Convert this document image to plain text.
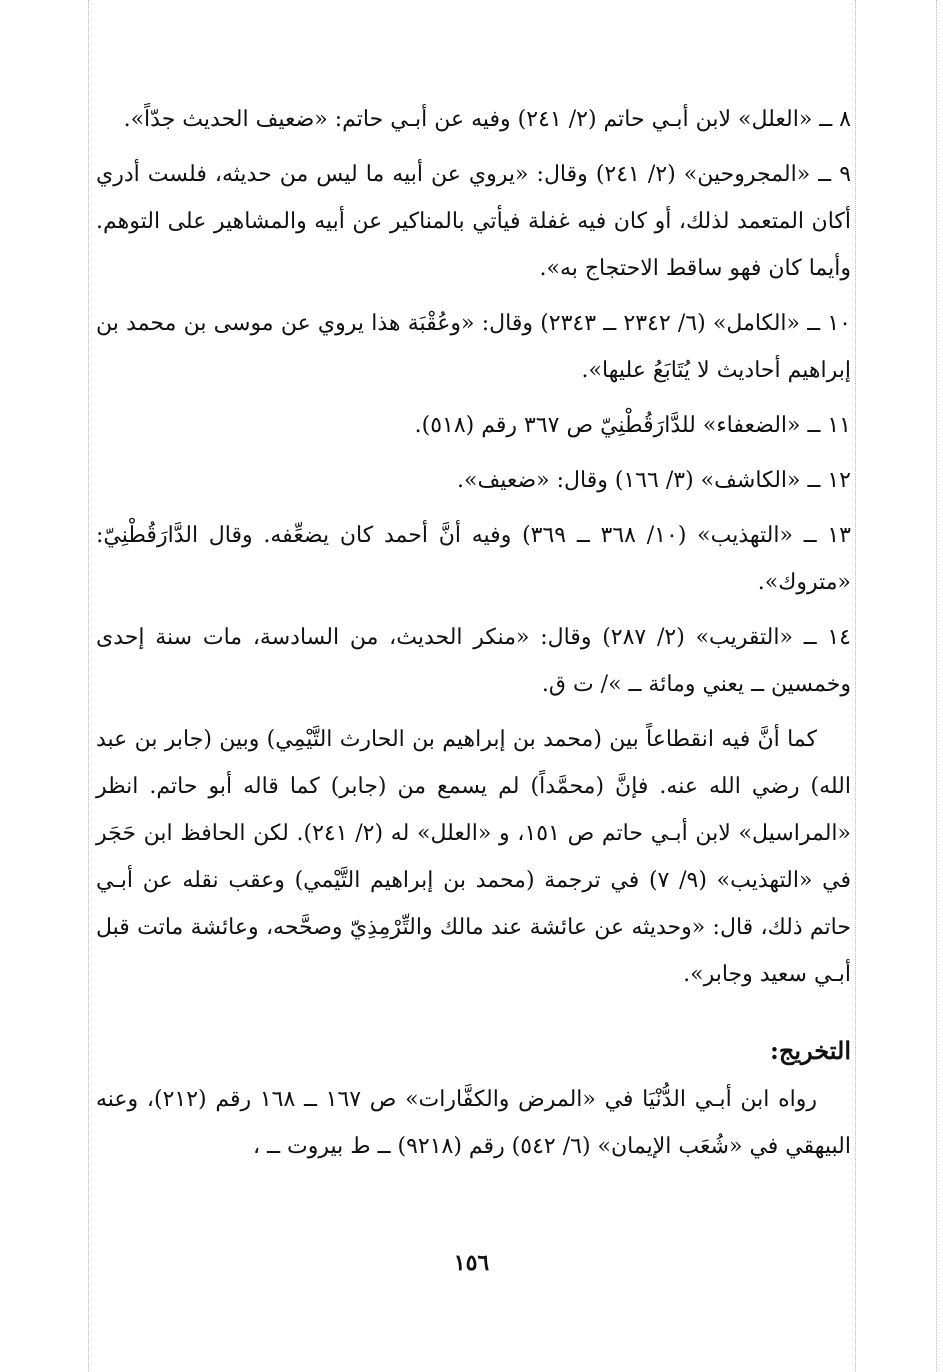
٨ ــ «العلل» لابن أبـي حاتم (٢/ ٢٤١) وفيه عن أبـي حاتم: «ضعيف الحديث جدّاً».

٩ ــ «المجروحين» (٢/ ٢٤١) وقال: «يروي عن أبيه ما ليس من حديثه، فلست أدري أكان المتعمد لذلك، أو كان فيه غفلة فيأتي بالمناكير عن أبيه والمشاهير على التوهم. وأيما كان فهو ساقط الاحتجاج به».

١٠ ــ «الكامل» (٦/ ٢٣٤٢ ــ ٢٣٤٣) وقال: «وعُقْبَة هذا يروي عن موسى بن محمد بن إبراهيم أحاديث لا يُتَابَعُ عليها».

١١ ــ «الضعفاء» للدَّارَقُطْنِيّ ص ٣٦٧ رقم (٥١٨).

١٢ ــ «الكاشف» (٣/ ١٦٦) وقال: «ضعيف».

١٣ ــ «التهذيب» (١٠/ ٣٦٨ ــ ٣٦٩) وفيه أنَّ أحمد كان يضعِّفه. وقال الدَّارَقُطْنِيّ: «متروك».

١٤ ــ «التقريب» (٢/ ٢٨٧) وقال: «منكر الحديث، من السادسة، مات سنة إحدى وخمسين ــ يعني ومائة ــ »/ ت ق.

كما أنَّ فيه انقطاعاً بين (محمد بن إبراهيم بن الحارث التَّيْمِي) وبين (جابر بن عبد الله) رضي الله عنه. فإنَّ (محمَّداً) لم يسمع من (جابر) كما قاله أبو حاتم. انظر «المراسيل» لابن أبـي حاتم ص ١٥١، و «العلل» له (٢/ ٢٤١). لكن الحافظ ابن حَجَر في «التهذيب» (٩/ ٧) في ترجمة (محمد بن إبراهيم التَّيْمي) وعقب نقله عن أبـي حاتم ذلك، قال: «وحديثه عن عائشة عند مالك والتِّرْمِذِيّ وصحَّحه، وعائشة ماتت قبل أبـي سعيد وجابر».

التخريج:

رواه ابن أبـي الدُّنْيَا في «المرض والكفَّارات» ص ١٦٧ ــ ١٦٨ رقم (٢١٢)، وعنه البيهقي في «شُعَب الإيمان» (٦/ ٥٤٢) رقم (٩٢١٨) ــ ط بيروت ــ ،

١٥٦
